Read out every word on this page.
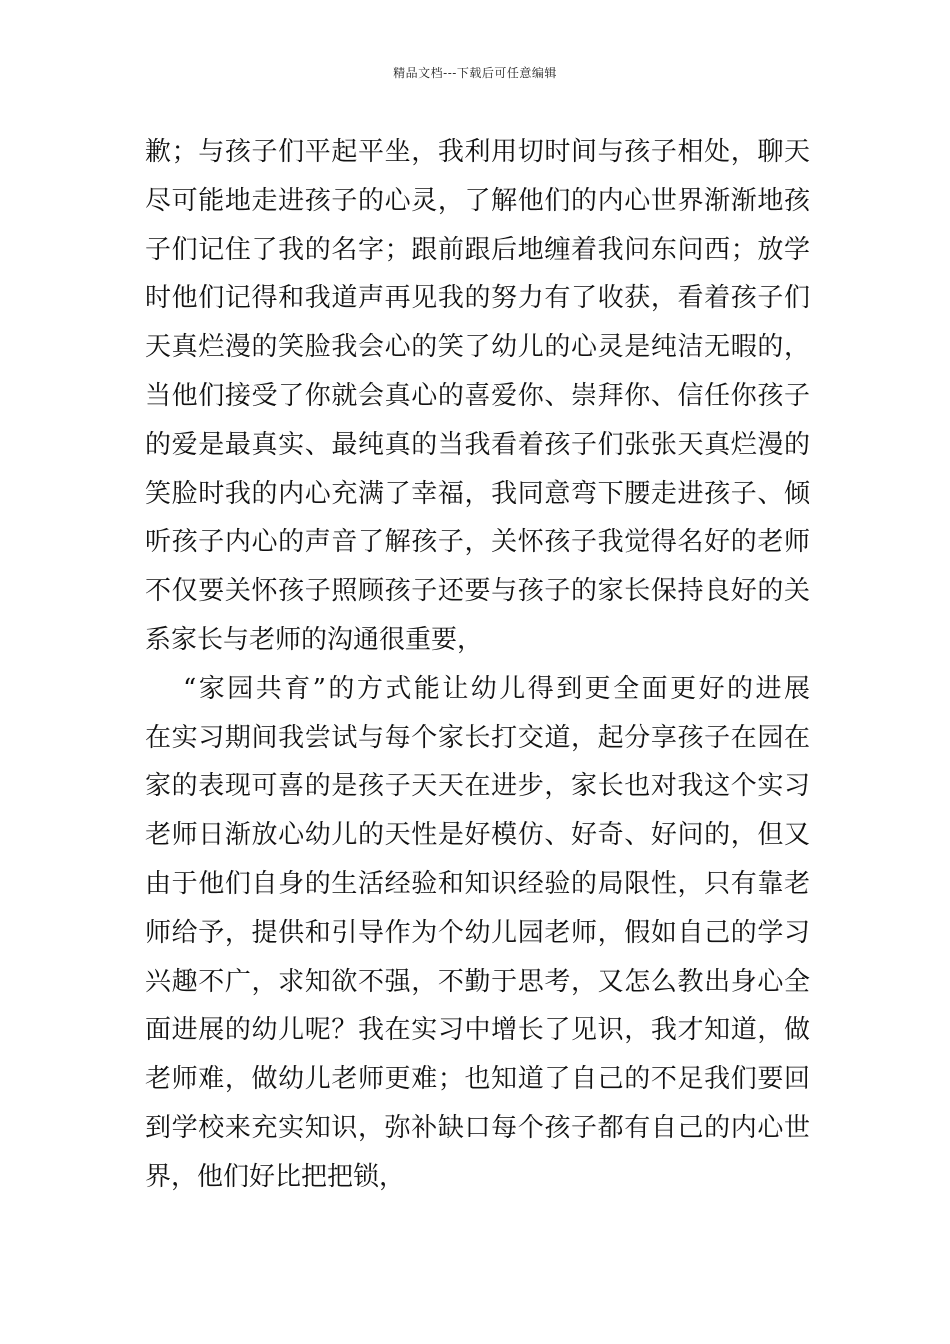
精品文档---下载后可任意编辑
歉；与孩子们平起平坐，我利用切时间与孩子相处，聊天
尽可能地走进孩子的心灵，了解他们的内心世界渐渐地孩
子们记住了我的名字；跟前跟后地缠着我问东问西；放学
时他们记得和我道声再见我的努力有了收获，看着孩子们
天真烂漫的笑脸我会心的笑了幼儿的心灵是纯洁无暇的，
当他们接受了你就会真心的喜爱你、崇拜你、信任你孩子
的爱是最真实、最纯真的当我看着孩子们张张天真烂漫的
笑脸时我的内心充满了幸福，我同意弯下腰走进孩子、倾
听孩子内心的声音了解孩子，关怀孩子我觉得名好的老师
不仅要关怀孩子照顾孩子还要与孩子的家长保持良好的关
系家长与老师的沟通很重要，
“家园共育”的方式能让幼儿得到更全面更好的进展
在实习期间我尝试与每个家长打交道，起分享孩子在园在
家的表现可喜的是孩子天天在进步，家长也对我这个实习
老师日渐放心幼儿的天性是好模仿、好奇、好问的，但又
由于他们自身的生活经验和知识经验的局限性，只有靠老
师给予，提供和引导作为个幼儿园老师，假如自己的学习
兴趣不广，求知欲不强，不勤于思考，又怎么教出身心全
面进展的幼儿呢？我在实习中增长了见识，我才知道，做
老师难，做幼儿老师更难；也知道了自己的不足我们要回
到学校来充实知识，弥补缺口每个孩子都有自己的内心世
界，他们好比把把锁，
